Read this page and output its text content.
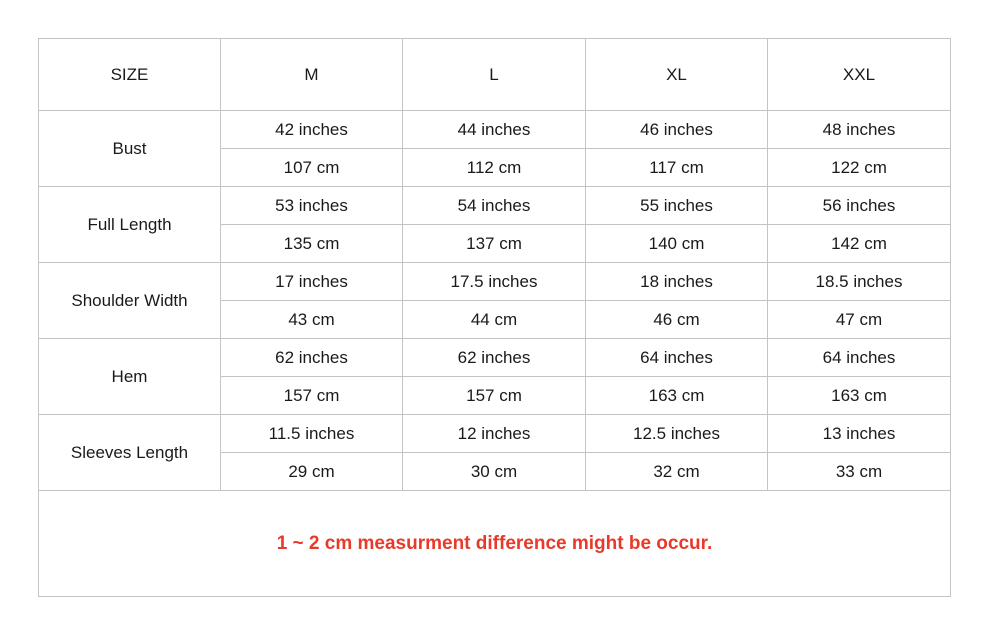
SIZE	M	L	XL	XXL
Bust	42 inches	44 inches	46 inches	48 inches
	107 cm	112 cm	117 cm	122 cm
Full Length	53 inches	54 inches	55 inches	56 inches
	135 cm	137 cm	140 cm	142 cm
Shoulder Width	17 inches	17.5 inches	18 inches	18.5 inches
	43 cm	44 cm	46 cm	47 cm
Hem	62 inches	62 inches	64 inches	64 inches
	157 cm	157 cm	163 cm	163 cm
Sleeves Length	11.5 inches	12 inches	12.5 inches	13 inches
	29 cm	30 cm	32 cm	33 cm
1 ~ 2 cm measurment difference might be occur.				
